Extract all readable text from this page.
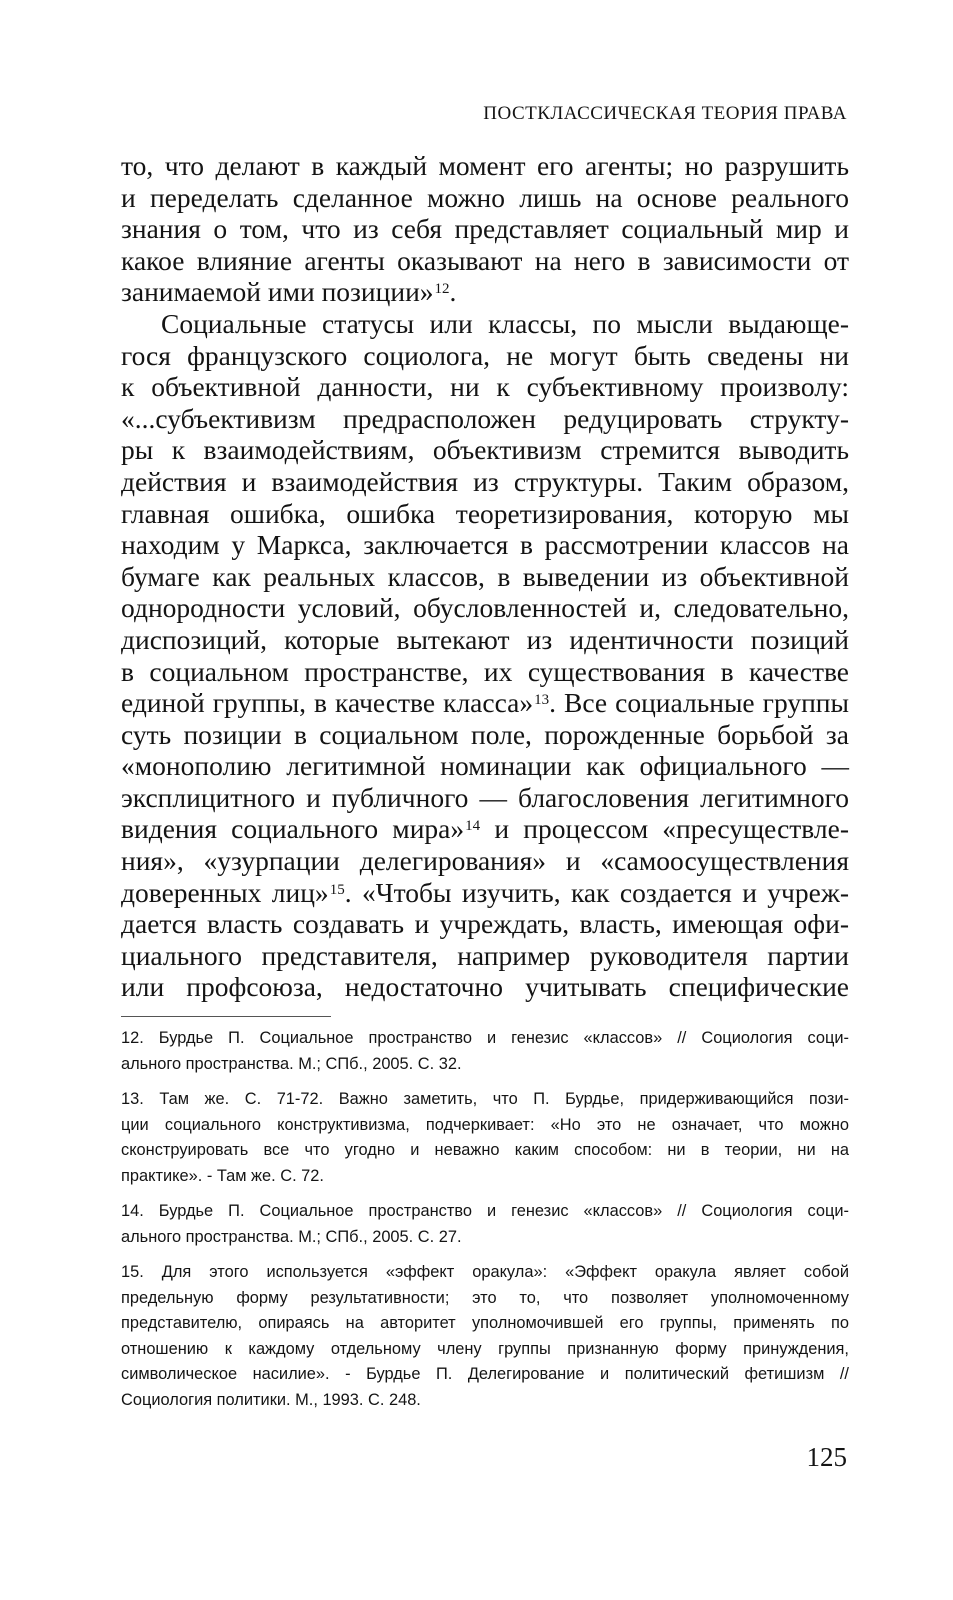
ПОСТКЛАССИЧЕСКАЯ ТЕОРИЯ ПРАВА
то, что делают в каждый момент его агенты; но разрушить
и переделать сделанное можно лишь на основе реального
знания о том, что из себя представляет социальный мир и
какое влияние агенты оказывают на него в зависимости от
занимаемой ими позиции»$^{12}$.
Социальные статусы или классы, по мысли выдающе-
гося французского социолога, не могут быть сведены ни
к объективной данности, ни к субъективному произволу:
«...субъективизм предрасположен редуцировать структу-
ры к взаимодействиям, объективизм стремится выводить
действия и взаимодействия из структуры. Таким образом,
главная ошибка, ошибка теоретизирования, которую мы
находим у Маркса, заключается в рассмотрении классов на
бумаге как реальных классов, в выведении из объективной
однородности условий, обусловленностей и, следовательно,
диспозиций, которые вытекают из идентичности позиций
в социальном пространстве, их существования в качестве
единой группы, в качестве класса»$^{13}$. Все социальные группы
суть позиции в социальном поле, порожденные борьбой за
«монополию легитимной номинации как официального —
эксплицитного и публичного — благословения легитимного
видения социального мира»$^{14}$ и процессом «пресуществле-
ния», «узурпации делегирования» и «самоосуществления
доверенных лиц»$^{15}$. «Чтобы изучить, как создается и учреж-
дается власть создавать и учреждать, власть, имеющая офи-
циального представителя, например руководителя партии
или профсоюза, недостаточно учитывать специфические
12. Бурдье П. Социальное пространство и генезис «классов» // Социология соци-
ального пространства. М.; СПб., 2005. С. 32.
13. Там же. С. 71-72. Важно заметить, что П. Бурдье, придерживающийся пози-
ции социального конструктивизма, подчеркивает: «Но это не означает, что можно
сконструировать все что угодно и неважно каким способом: ни в теории, ни на
практике». - Там же. С. 72.
14. Бурдье П. Социальное пространство и генезис «классов» // Социология соци-
ального пространства. М.; СПб., 2005. С. 27.
15. Для этого используется «эффект оракула»: «Эффект оракула являет собой
предельную форму результативности; это то, что позволяет уполномоченному
представителю, опираясь на авторитет уполномочившей его группы, применять по
отношению к каждому отдельному члену группы признанную форму принуждения,
символическое насилие». - Бурдье П. Делегирование и политический фетишизм //
Социология политики. М., 1993. С. 248.
125
